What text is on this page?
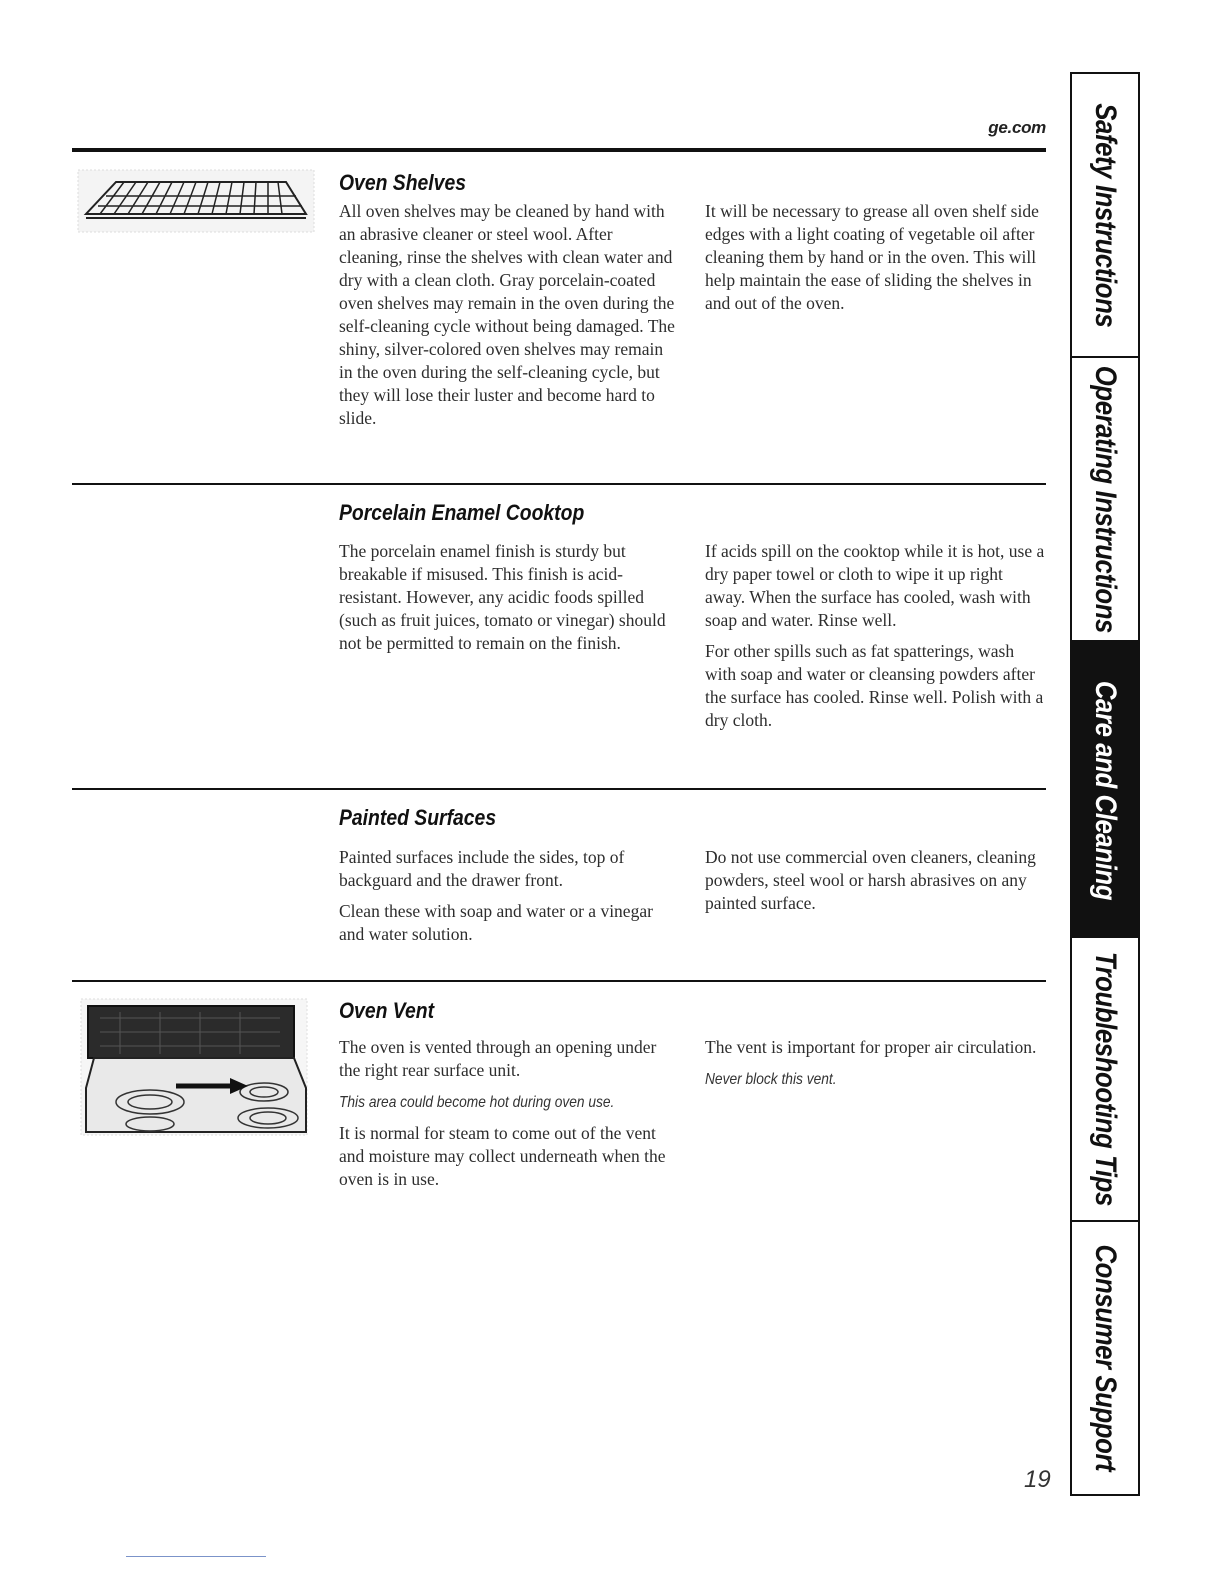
ge.com
Oven Shelves

All oven shelves may be cleaned by hand with an abrasive cleaner or steel wool. After cleaning, rinse the shelves with clean water and dry with a clean cloth. Gray porcelain-coated oven shelves may remain in the oven during the self-cleaning cycle without being damaged. The shiny, silver-colored oven shelves may remain in the oven during the self-cleaning cycle, but they will lose their luster and become hard to slide.

It will be necessary to grease all oven shelf side edges with a light coating of vegetable oil after cleaning them by hand or in the oven. This will help maintain the ease of sliding the shelves in and out of the oven.

Porcelain Enamel Cooktop

The porcelain enamel finish is sturdy but breakable if misused. This finish is acid-resistant. However, any acidic foods spilled (such as fruit juices, tomato or vinegar) should not be permitted to remain on the finish.

If acids spill on the cooktop while it is hot, use a dry paper towel or cloth to wipe it up right away. When the surface has cooled, wash with soap and water. Rinse well.

For other spills such as fat spatterings, wash with soap and water or cleansing powders after the surface has cooled. Rinse well. Polish with a dry cloth.

Painted Surfaces

Painted surfaces include the sides, top of backguard and the drawer front.

Clean these with soap and water or a vinegar and water solution.

Do not use commercial oven cleaners, cleaning powders, steel wool or harsh abrasives on any painted surface.

Oven Vent

The oven is vented through an opening under the right rear surface unit.

This area could become hot during oven use.

It is normal for steam to come out of the vent and moisture may collect underneath when the oven is in use.

The vent is important for proper air circulation.

Never block this vent.

19
Safety Instructions
Operating Instructions
Care and Cleaning
Troubleshooting Tips
Consumer Support
